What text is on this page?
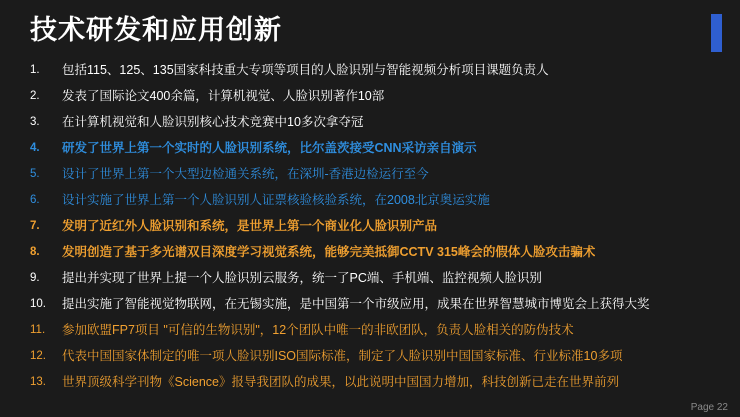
技术研发和应用创新
1.	包括115、125、135国家科技重大专项等项目的人脸识别与智能视频分析项目课题负责人
2.	发表了国际论文400余篇，计算机视觉、人脸识别著作10部
3.	在计算机视觉和人脸识别核心技术竞赛中10多次拿夺冠
4.	研发了世界上第一个实时的人脸识别系统，比尔盖茨接受CNN采访亲自演示
5.	设计了世界上第一个大型边检通关系统，在深圳-香港边检运行至今
6.	设计实施了世界上第一个人脸识别人证票核验核验系统，在2008北京奥运实施
7.	发明了近红外人脸识别和系统，是世界上第一个商业化人脸识别产品
8.	发明创造了基于多光谱双目深度学习视觉系统，能够完美抵御CCTV 315峰会的假体人脸攻击骗术
9.	提出并实现了世界上提一个人脸识别云服务，统一了PC端、手机端、监控视频人脸识别
10.	提出实施了智能视觉物联网，在无锡实施，是中国第一个市级应用，成果在世界智慧城市博览会上获得大奖
11.	参加欧盟FP7项目 "可信的生物识别"，12个团队中唯一的非欧团队，负责人脸相关的防伪技术
12.	代表中国国家体制定的唯一项人脸识别ISO国际标准，制定了人脸识别中国国家标准、行业标准10多项
13.	世界顶级科学刊物《Science》报导我团队的成果，以此说明中国国力增加，科技创新已走在世界前列
Page 22
